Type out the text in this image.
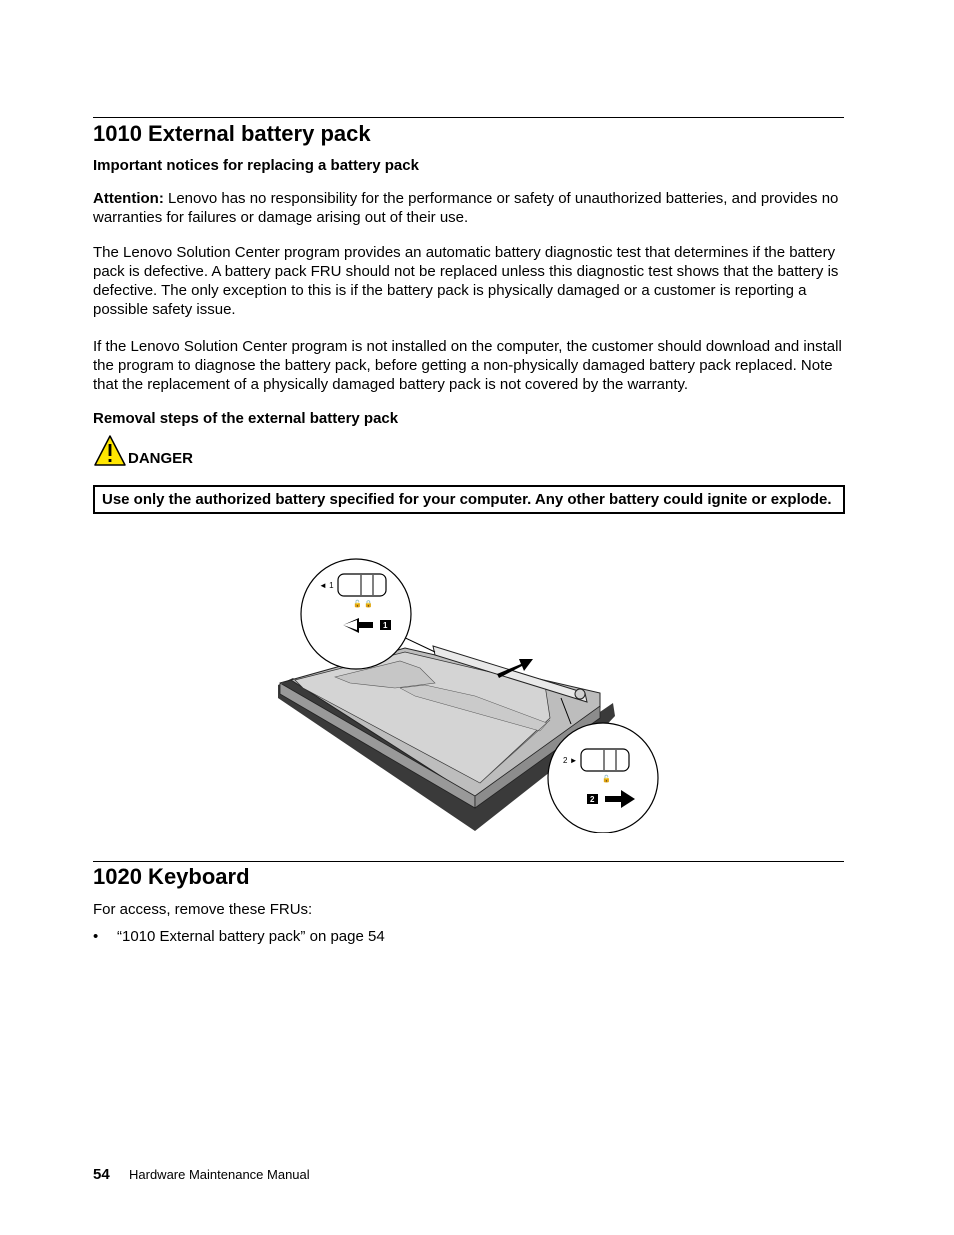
1010 External battery pack
Important notices for replacing a battery pack

Attention: Lenovo has no responsibility for the performance or safety of unauthorized batteries, and provides no warranties for failures or damage arising out of their use.

The Lenovo Solution Center program provides an automatic battery diagnostic test that determines if the battery pack is defective. A battery pack FRU should not be replaced unless this diagnostic test shows that the battery is defective. The only exception to this is if the battery pack is physically damaged or a customer is reporting a possible safety issue.

If the Lenovo Solution Center program is not installed on the computer, the customer should download and install the program to diagnose the battery pack, before getting a non-physically damaged battery pack replaced. Note that the replacement of a physically damaged battery pack is not covered by the warranty.

Removal steps of the external battery pack
DANGER
Use only the authorized battery specified for your computer. Any other battery could ignite or explode.
◄ 1
🔓 🔒
1
2 ►
🔓
2
1020 Keyboard

For access, remove these FRUs:

•	“1010 External battery pack” on page 54
54	Hardware Maintenance Manual
